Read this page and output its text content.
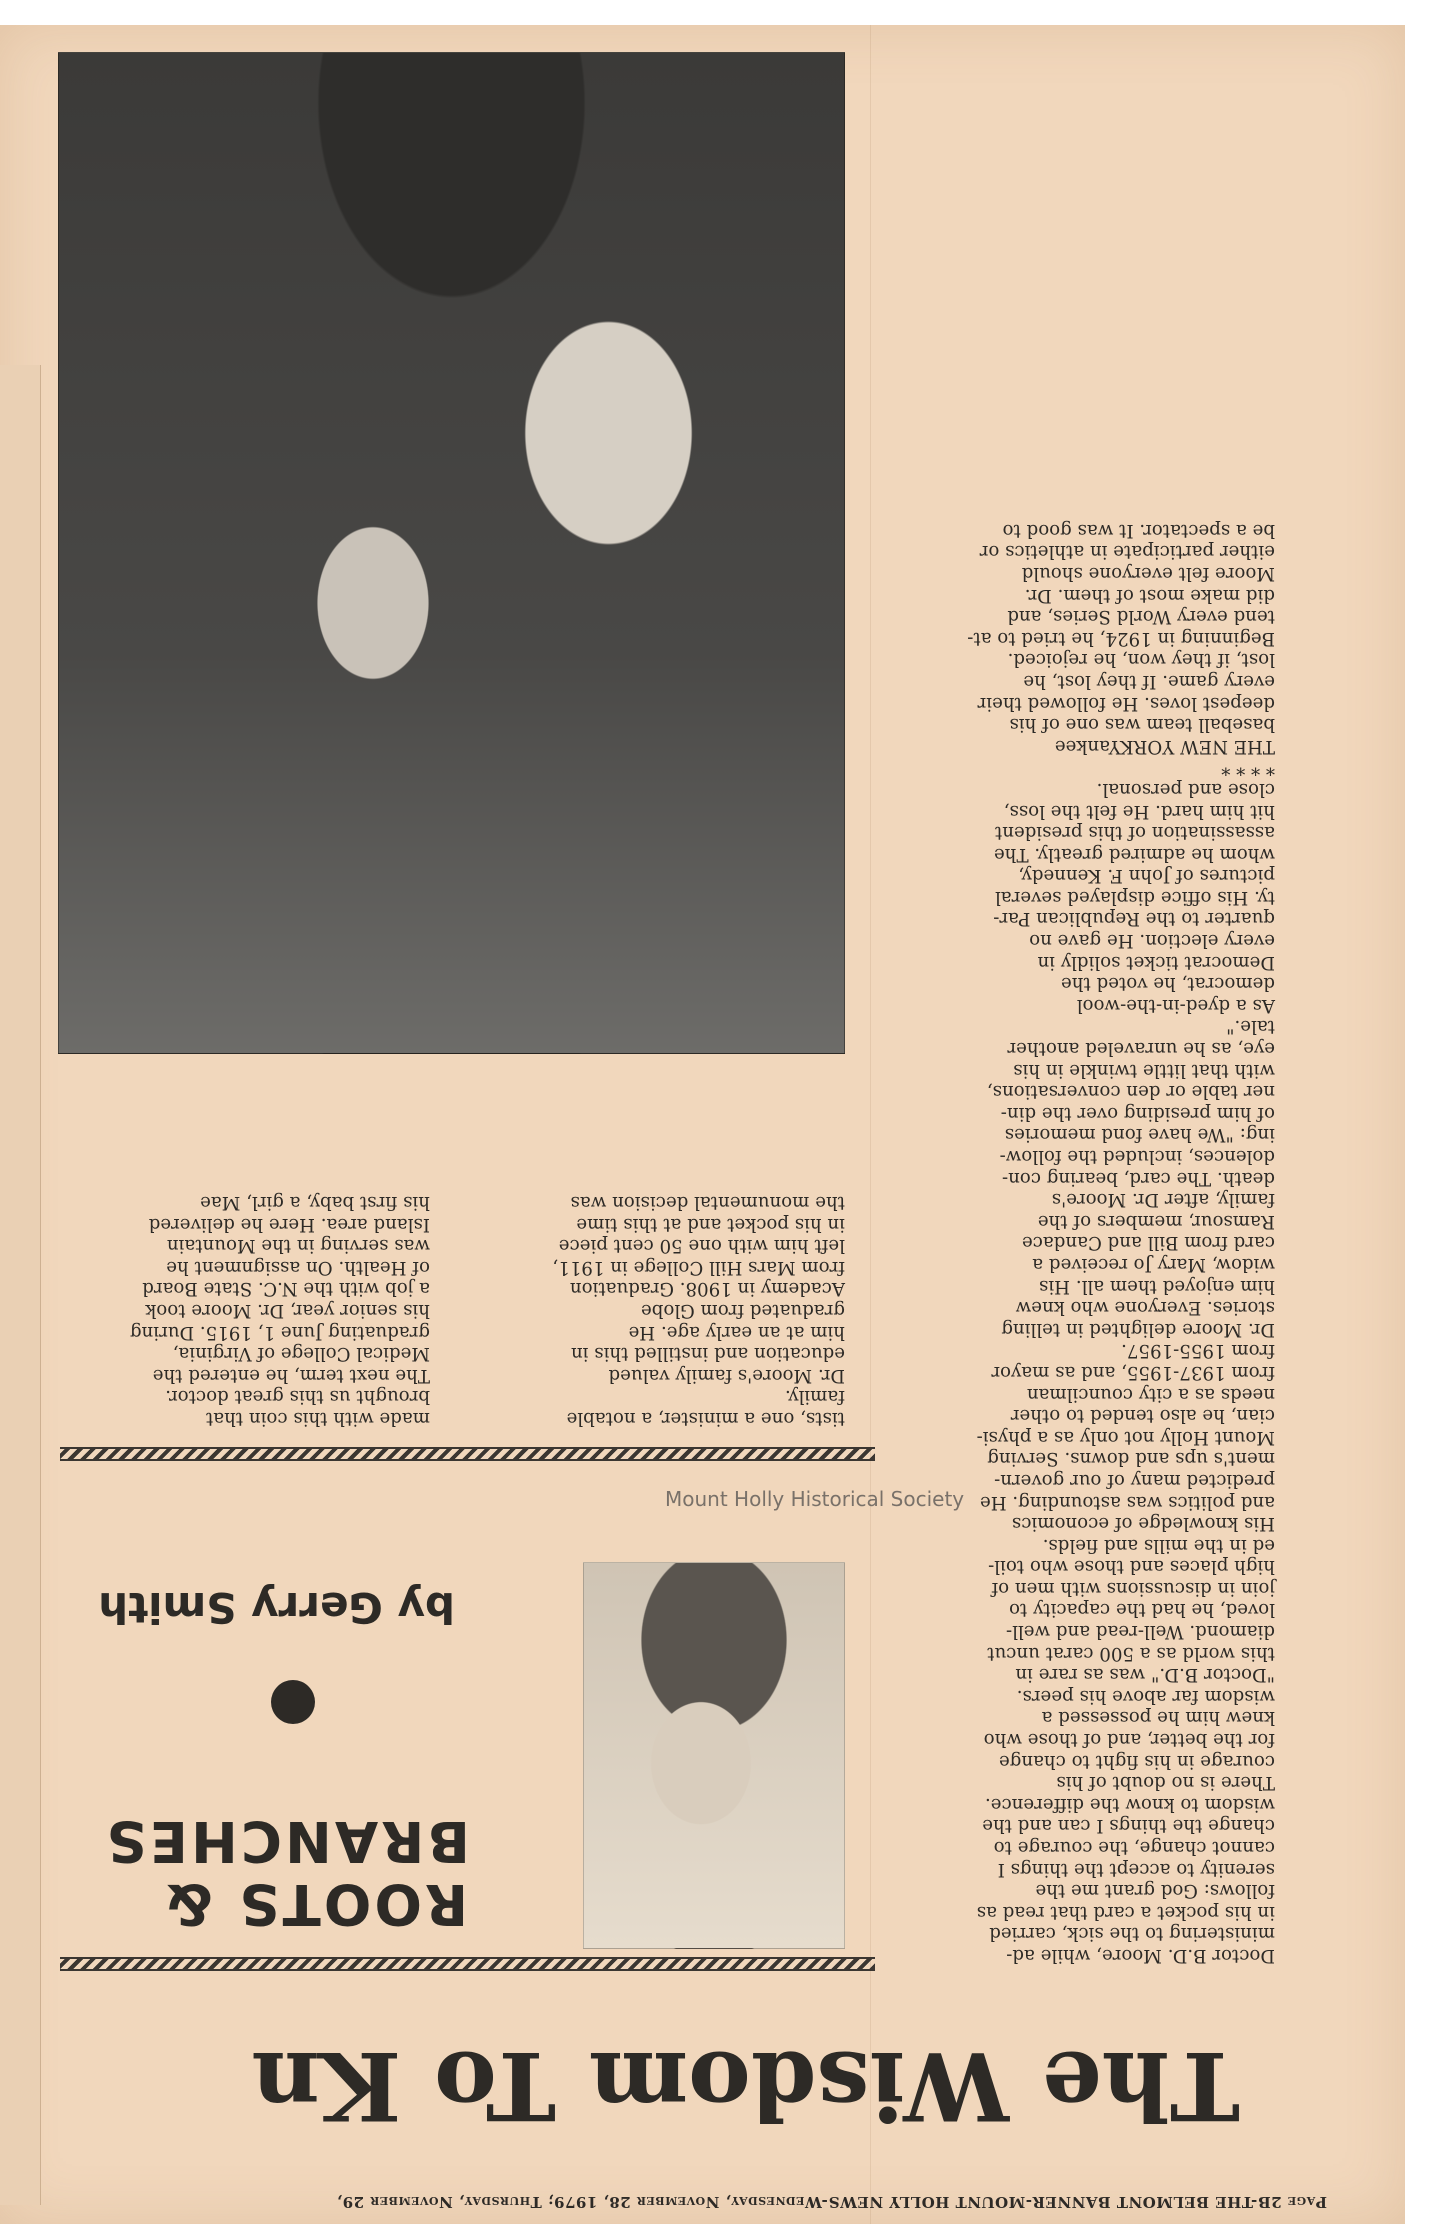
Page 2B-THE BELMONT BANNER-MOUNT HOLLY NEWS-Wednesday, November 28, 1979; Thursday, November 29,
The Wisdom To Kn
ROOTS &
BRANCHES
by Gerry Smith
Doctor B.D. Moore, while ad-
ministering to the sick, carried
in his pocket a card that read as
follows: God grant me the
serenity to accept the things I
cannot change, the courage to
change the things I can and the
wisdom to know the difference.
There is no doubt of his
courage in his fight to change
for the better, and of those who
knew him he possessed a
wisdom far above his peers.
"Doctor B.D." was as rare in
this world as a 500 carat uncut
diamond. Well-read and well-
loved, he had the capacity to
join in discussions with men of
high places and those who toil-
ed in the mills and fields.
His knowledge of economics
and politics was astounding. He
predicted many of our govern-
ment's ups and downs. Serving
Mount Holly not only as a physi-
cian, he also tended to other
needs as a city councilman
from 1937-1955, and as mayor
from 1955-1957.
Dr. Moore delighted in telling
stories. Everyone who knew
him enjoyed them all. His
widow, Mary Jo received a
card from Bill and Candace
Ramsour, members of the
family, after Dr. Moore's
death. The card, bearing con-
dolences, included the follow-
ing: "We have fond memories
of him presiding over the din-
ner table or den conversations,
with that little twinkle in his
eye, as he unraveled another
tale."
As a dyed-in-the-wool
democrat, he voted the
Democrat ticket solidly in
every election. He gave no
quarter to the Republican Par-
ty. His office displayed several
pictures of John F. Kennedy,
whom he admired greatly. The
assassination of this president
hit him hard. He felt the loss,
close and personal.
* * * *
THE NEW YORKYankee
baseball team was one of his
deepest loves. He followed their
every game. If they lost, he
lost, if they won, he rejoiced.
Beginning in 1924, he tried to at-
tend every World Series, and
did make most of them. Dr.
Moore felt everyone should
either participate in athletics or
be a spectator. It was good to
tists, one a minister, a notable
family.
Dr. Moore's family valued
education and instilled this in
him at an early age. He
graduated from Globe
Academy in 1908. Graduation
from Mars Hill College in 1911,
left him with one 50 cent piece
in his pocket and at this time
the monumental decision was
made with this coin that
brought us this great doctor.
The next term, he entered the
Medical College of Virginia,
graduating June 1, 1915. During
his senior year, Dr. Moore took
a job with the N.C. State Board
of Health. On assignment he
was serving in the Mountain
Island area. Here he delivered
his first baby, a girl, Mae
Mount Holly Historical Society
